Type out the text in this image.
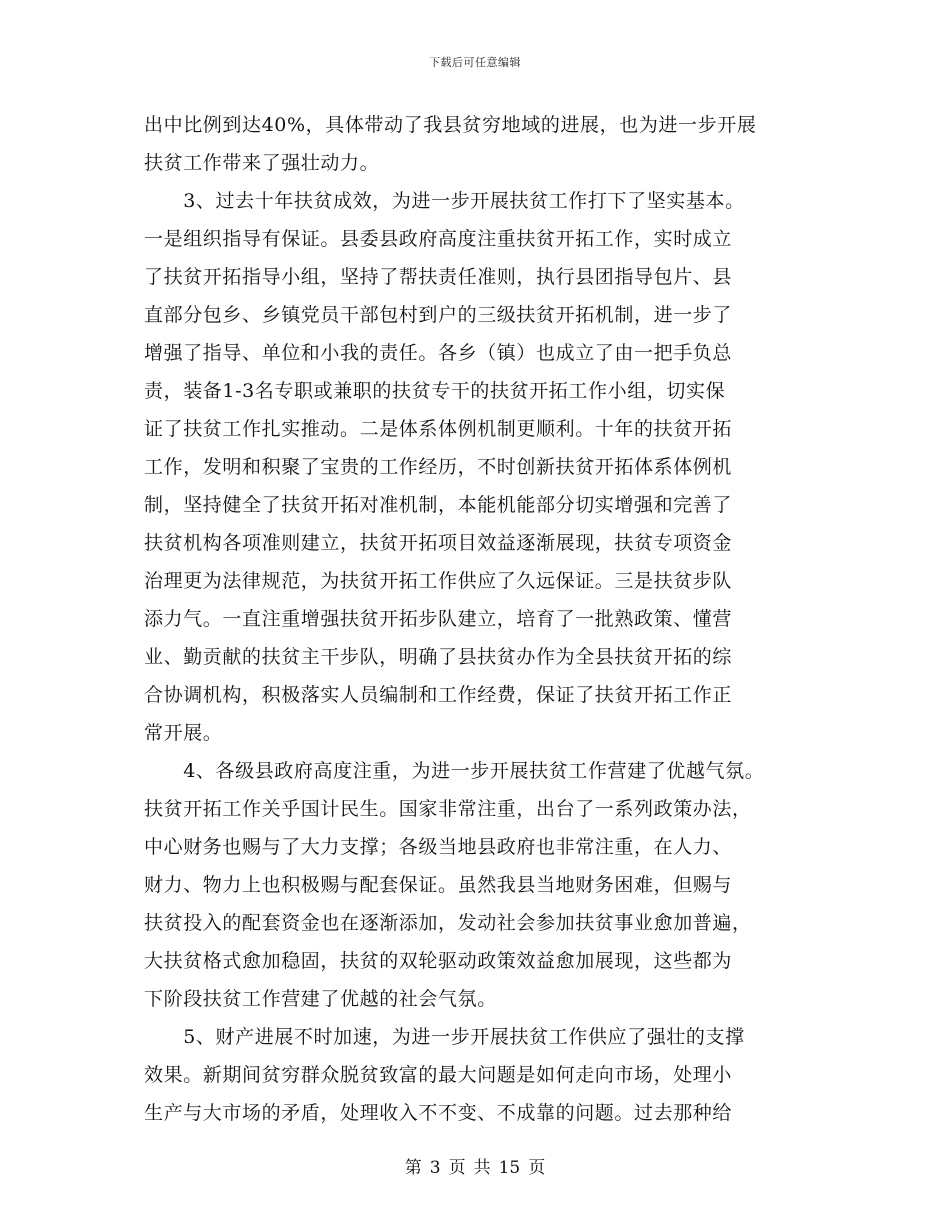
下载后可任意编辑
出中比例到达40%，具体带动了我县贫穷地域的进展，也为进一步开展
扶贫工作带来了强壮动力。
　　3、过去十年扶贫成效，为进一步开展扶贫工作打下了坚实基本。
一是组织指导有保证。县委县政府高度注重扶贫开拓工作，实时成立
了扶贫开拓指导小组，坚持了帮扶责任准则，执行县团指导包片、县
直部分包乡、乡镇党员干部包村到户的三级扶贫开拓机制，进一步了
增强了指导、单位和小我的责任。各乡（镇）也成立了由一把手负总
责，装备1-3名专职或兼职的扶贫专干的扶贫开拓工作小组，切实保
证了扶贫工作扎实推动。二是体系体例机制更顺利。十年的扶贫开拓
工作，发明和积聚了宝贵的工作经历，不时创新扶贫开拓体系体例机
制，坚持健全了扶贫开拓对准机制，本能机能部分切实增强和完善了
扶贫机构各项准则建立，扶贫开拓项目效益逐渐展现，扶贫专项资金
治理更为法律规范，为扶贫开拓工作供应了久远保证。三是扶贫步队
添力气。一直注重增强扶贫开拓步队建立，培育了一批熟政策、懂营
业、勤贡献的扶贫主干步队，明确了县扶贫办作为全县扶贫开拓的综
合协调机构，积极落实人员编制和工作经费，保证了扶贫开拓工作正
常开展。
　　4、各级县政府高度注重，为进一步开展扶贫工作营建了优越气氛。
扶贫开拓工作关乎国计民生。国家非常注重，出台了一系列政策办法，
中心财务也赐与了大力支撑；各级当地县政府也非常注重，在人力、
财力、物力上也积极赐与配套保证。虽然我县当地财务困难，但赐与
扶贫投入的配套资金也在逐渐添加，发动社会参加扶贫事业愈加普遍，
大扶贫格式愈加稳固，扶贫的双轮驱动政策效益愈加展现，这些都为
下阶段扶贫工作营建了优越的社会气氛。
　　5、财产进展不时加速，为进一步开展扶贫工作供应了强壮的支撑
效果。新期间贫穷群众脱贫致富的最大问题是如何走向市场，处理小
生产与大市场的矛盾，处理收入不不变、不成靠的问题。过去那种给
第 3 页 共 15 页
